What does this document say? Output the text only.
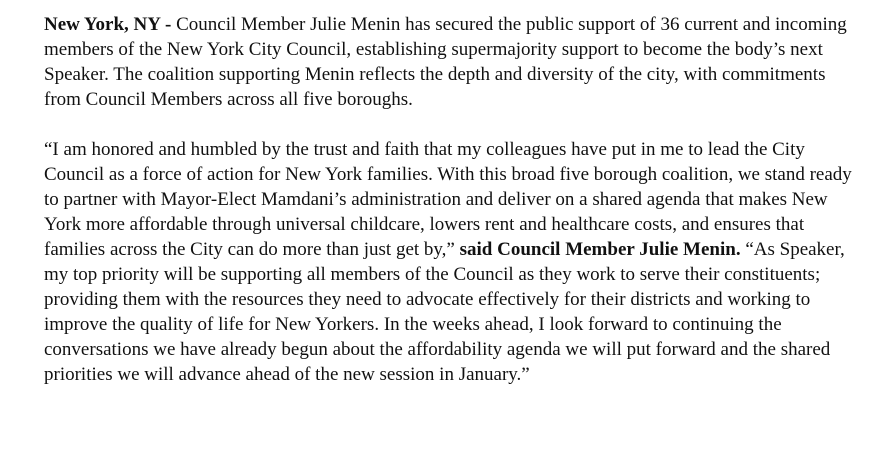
New York, NY - Council Member Julie Menin has secured the public support of 36 current and incoming members of the New York City Council, establishing supermajority support to become the body’s next Speaker. The coalition supporting Menin reflects the depth and diversity of the city, with commitments from Council Members across all five boroughs.

“I am honored and humbled by the trust and faith that my colleagues have put in me to lead the City Council as a force of action for New York families. With this broad five borough coalition, we stand ready to partner with Mayor-Elect Mamdani’s administration and deliver on a shared agenda that makes New York more affordable through universal childcare, lowers rent and healthcare costs, and ensures that families across the City can do more than just get by,” said Council Member Julie Menin. “As Speaker, my top priority will be supporting all members of the Council as they work to serve their constituents; providing them with the resources they need to advocate effectively for their districts and working to improve the quality of life for New Yorkers. In the weeks ahead, I look forward to continuing the conversations we have already begun about the affordability agenda we will put forward and the shared priorities we will advance ahead of the new session in January.”
